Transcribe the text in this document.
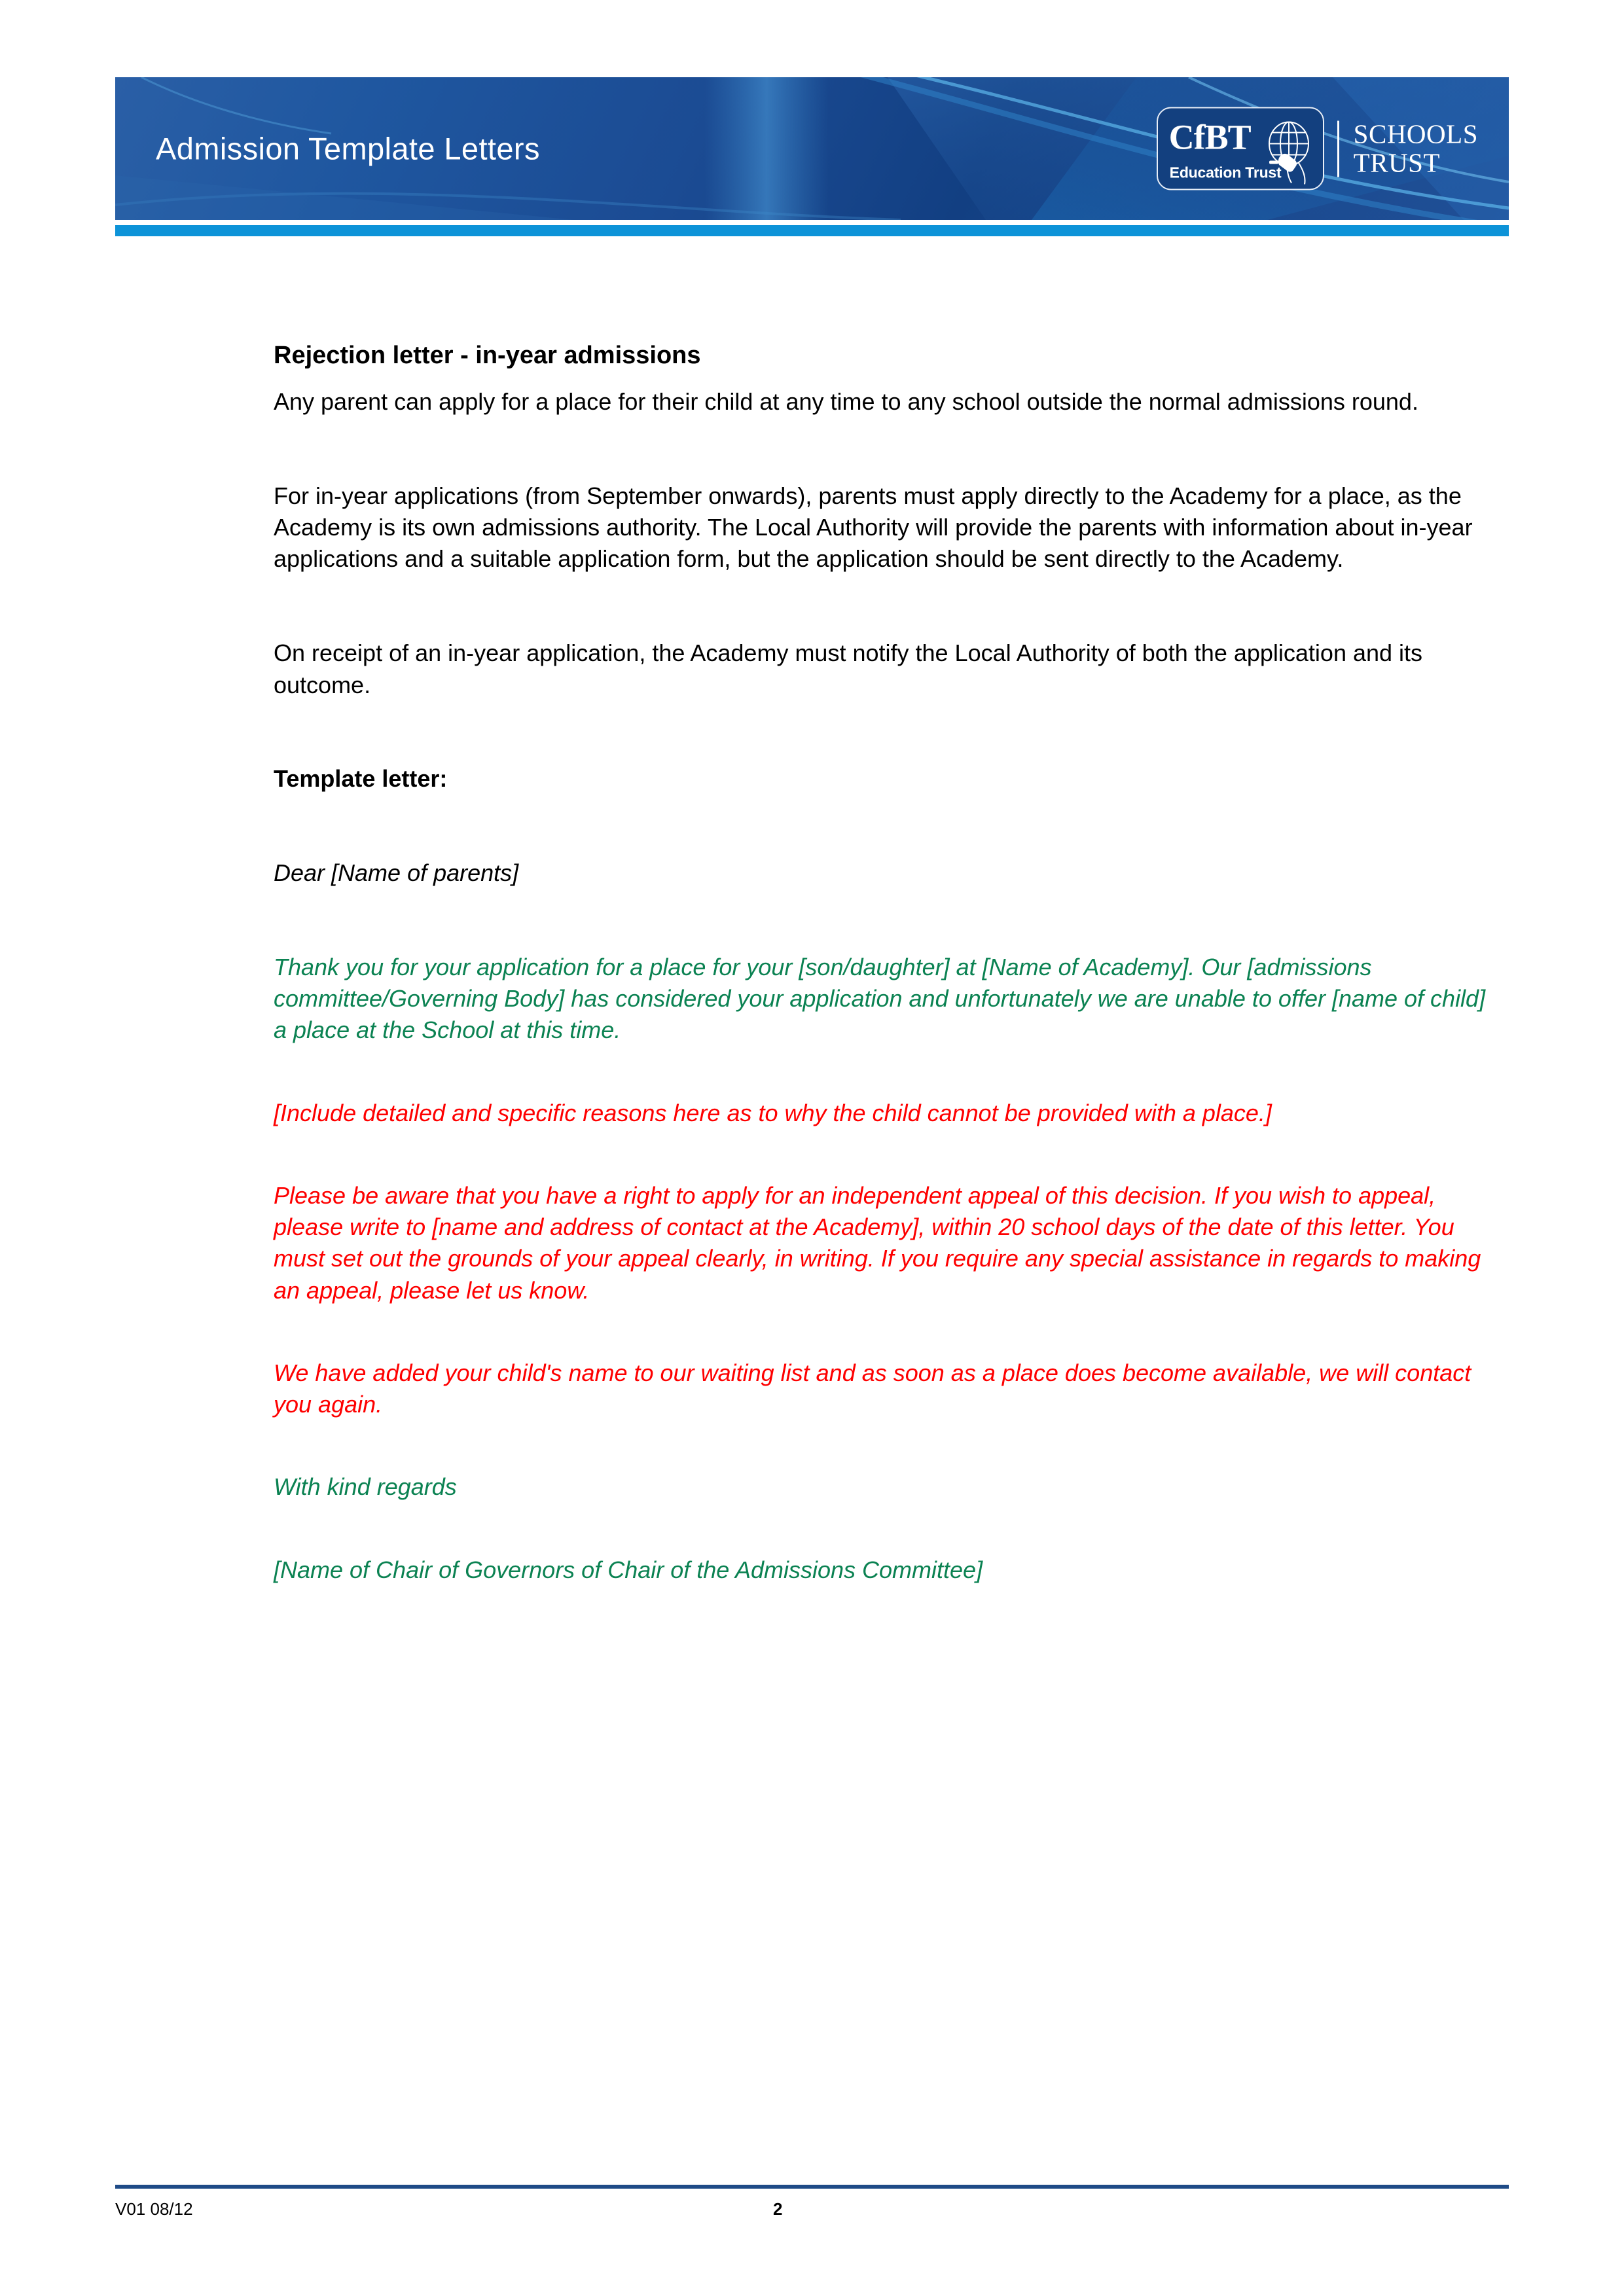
Admission Template Letters	CfBT
Education Trust
SCHOOLS
TRUST
Rejection letter - in-year admissions

Any parent can apply for a place for their child at any time to any school outside the normal admissions round.

For in-year applications (from September onwards), parents must apply directly to the Academy for a place, as the Academy is its own admissions authority. The Local Authority will provide the parents with information about in-year applications and a suitable application form, but the application should be sent directly to the Academy.

On receipt of an in-year application, the Academy must notify the Local Authority of both the application and its outcome.

Template letter:

Dear [Name of parents]

Thank you for your application for a place for your [son/daughter] at [Name of Academy]. Our [admissions committee/Governing Body] has considered your application and unfortunately we are unable to offer [name of child] a place at the School at this time.

[Include detailed and specific reasons here as to why the child cannot be provided with a place.]

Please be aware that you have a right to apply for an independent appeal of this decision. If you wish to appeal, please write to [name and address of contact at the Academy], within 20 school days of the date of this letter. You must set out the grounds of your appeal clearly, in writing. If you require any special assistance in regards to making an appeal, please let us know.

We have added your child's name to our waiting list and as soon as a place does become available, we will contact you again.

With kind regards

[Name of Chair of Governors of Chair of the Admissions Committee]

V01 08/12	2
